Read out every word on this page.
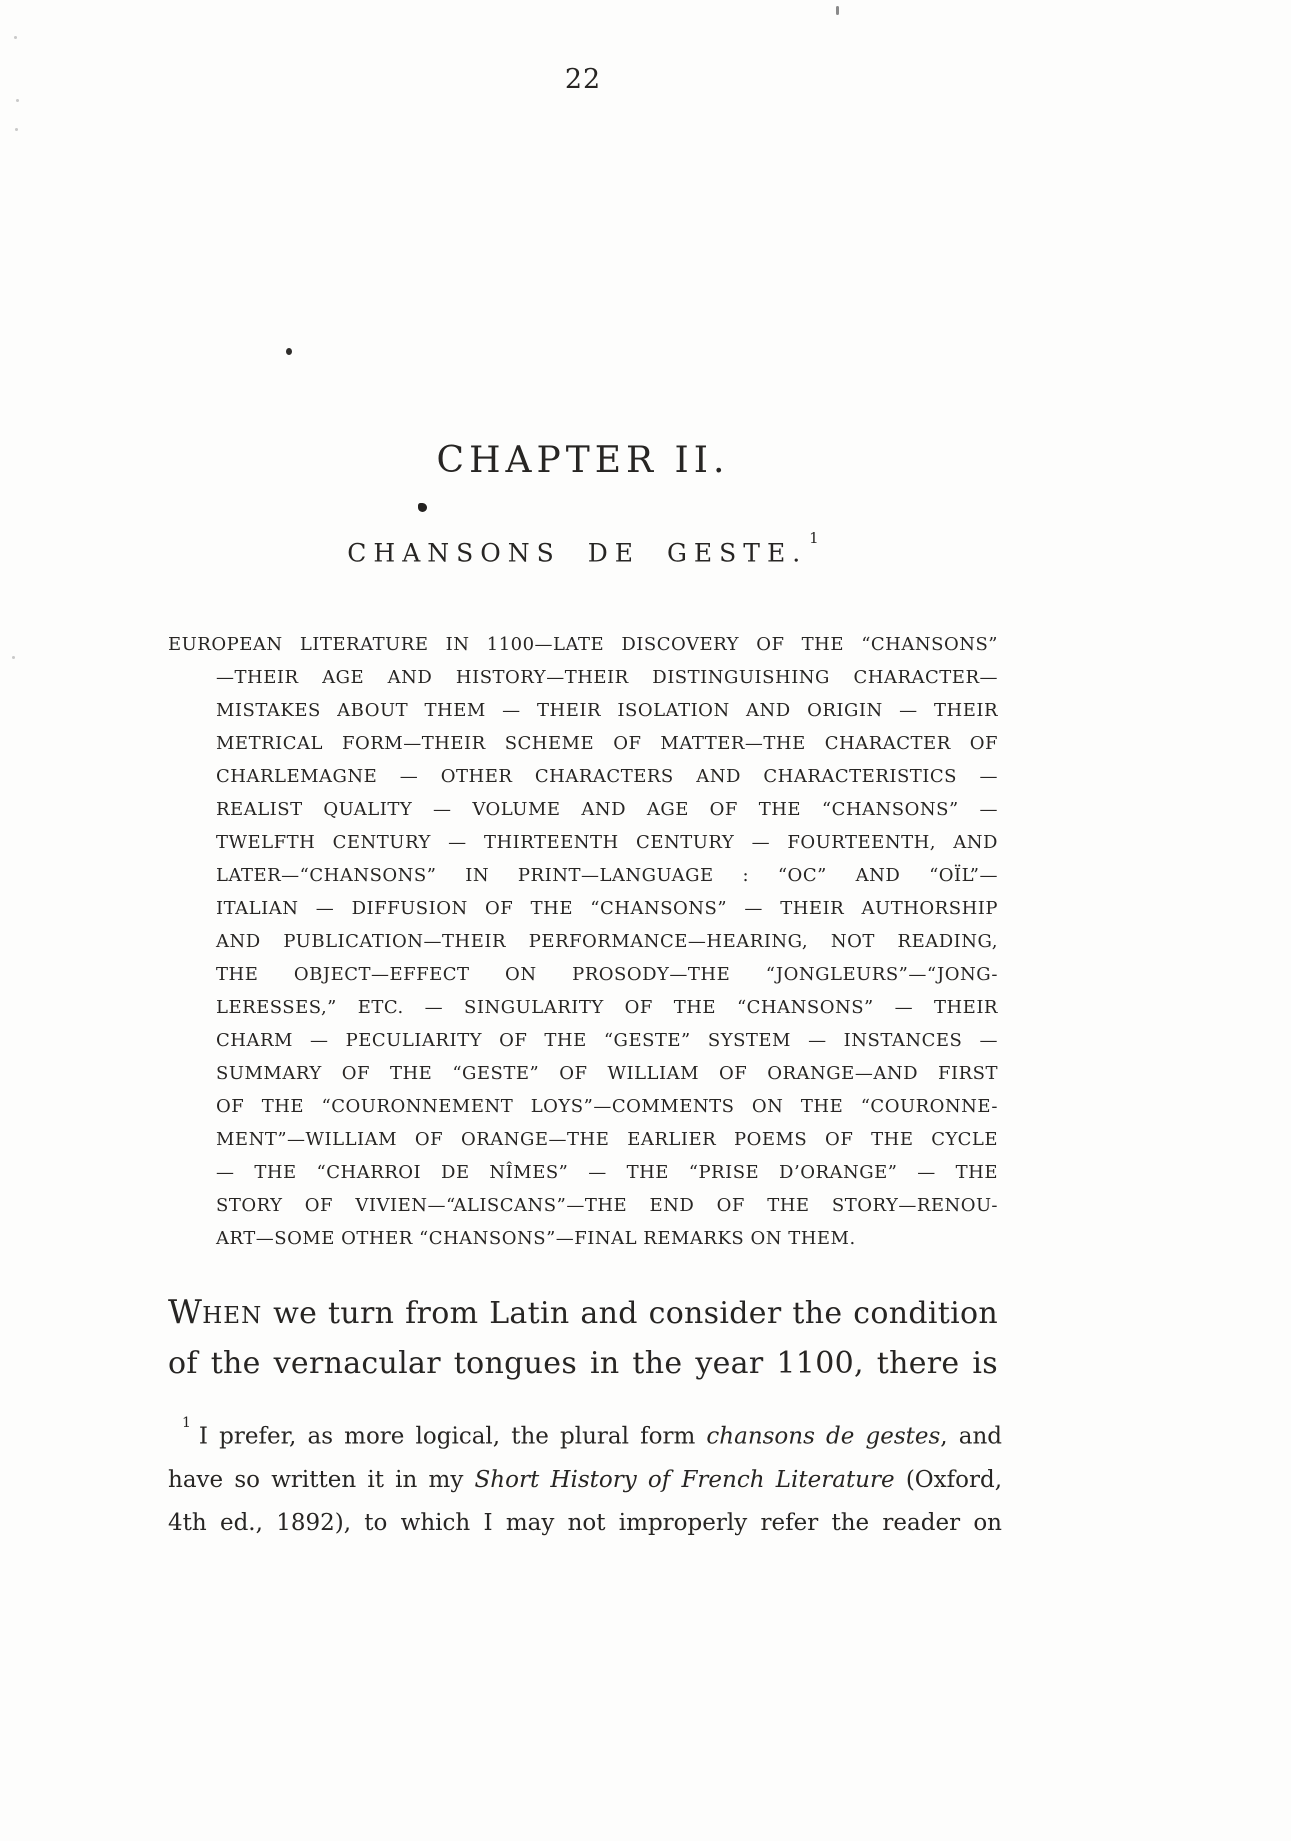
22
CHAPTER II.
CHANSONS DE GESTE.$^1$
EUROPEAN LITERATURE IN 1100—LATE DISCOVERY OF THE “CHANSONS”
—THEIR AGE AND HISTORY—THEIR DISTINGUISHING CHARACTER—
MISTAKES ABOUT THEM — THEIR ISOLATION AND ORIGIN — THEIR
METRICAL FORM—THEIR SCHEME OF MATTER—THE CHARACTER OF
CHARLEMAGNE — OTHER CHARACTERS AND CHARACTERISTICS —
REALIST QUALITY — VOLUME AND AGE OF THE “CHANSONS” —
TWELFTH CENTURY — THIRTEENTH CENTURY — FOURTEENTH, AND
LATER—“CHANSONS” IN PRINT—LANGUAGE : “OC” AND “OÏL”—
ITALIAN — DIFFUSION OF THE “CHANSONS” — THEIR AUTHORSHIP
AND PUBLICATION—THEIR PERFORMANCE—HEARING, NOT READING,
THE OBJECT—EFFECT ON PROSODY—THE “JONGLEURS”—“JONG-
LERESSES,” ETC. — SINGULARITY OF THE “CHANSONS” — THEIR
CHARM — PECULIARITY OF THE “GESTE” SYSTEM — INSTANCES —
SUMMARY OF THE “GESTE” OF WILLIAM OF ORANGE—AND FIRST
OF THE “COURONNEMENT LOYS”—COMMENTS ON THE “COURONNE-
MENT”—WILLIAM OF ORANGE—THE EARLIER POEMS OF THE CYCLE
— THE “CHARROI DE NÎMES” — THE “PRISE D’ORANGE” — THE
STORY OF VIVIEN—“ALISCANS”—THE END OF THE STORY—RENOU-
ART—SOME OTHER “CHANSONS”—FINAL REMARKS ON THEM.
WHEN we turn from Latin and consider the condition
of the vernacular tongues in the year 1100, there is
$^1$I prefer, as more logical, the plural form chansons de gestes, and
have so written it in my Short History of French Literature (Oxford,
4th ed., 1892), to which I may not improperly refer the reader on
